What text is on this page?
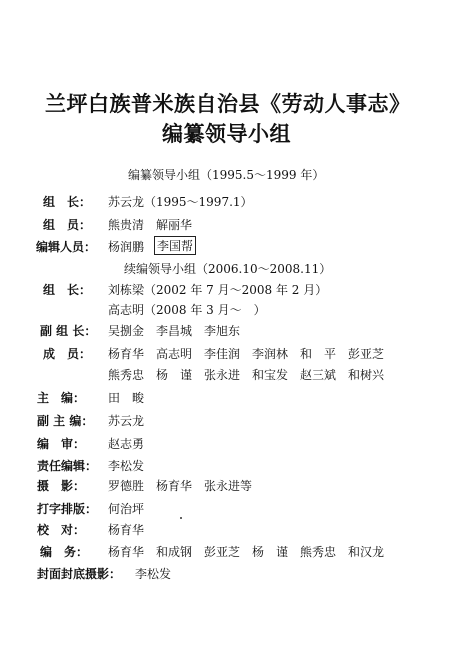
兰坪白族普米族自治县《劳动人事志》
编纂领导小组
编纂领导小组（1995.5～1999 年）
组　长： 苏云龙（1995～1997.1）
组　员： 熊贵清　解丽华
编辑人员： 杨润鹏 李国帮
续编领导小组（2006.10～2008.11）
组　长： 刘栋梁（2002 年 7 月～2008 年 2 月）
高志明（2008 年 3 月～　）
副 组 长： 吴捌金　李昌城　李旭东
成　员： 杨育华　高志明　李佳润　李润林　和　平　彭亚芝
熊秀忠　杨　谨　张永进　和宝发　赵三斌　和树兴
主　编： 田　畯
副 主 编： 苏云龙
编　审： 赵志勇
责任编辑： 李松发
摄　影： 罗德胜　杨育华　张永进等
打字排版： 何治坪
校　对： 杨育华
编　务： 杨育华　和成钢　彭亚芝　杨　谨　熊秀忠　和汉龙
封面封底摄影： 李松发
